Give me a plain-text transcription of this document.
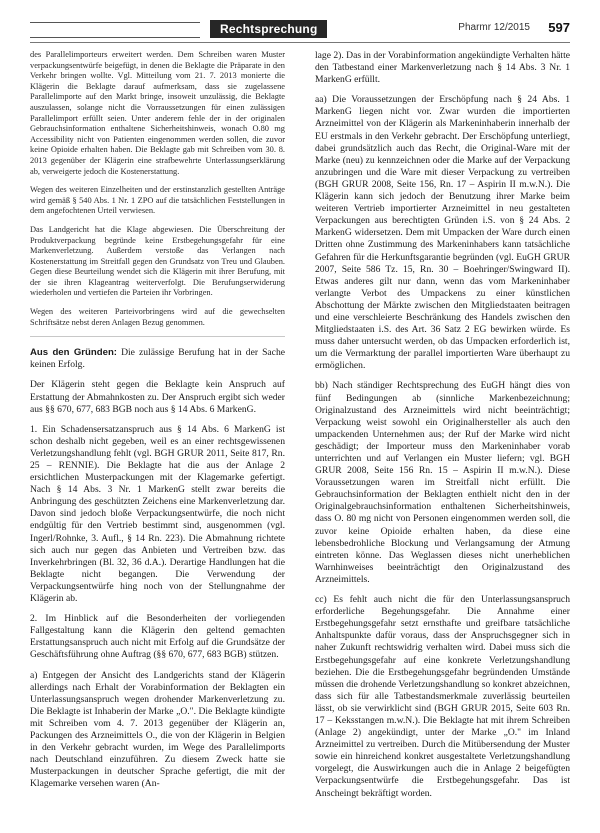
Rechtsprechung	Pharmr 12/2015 597

des Parallelimporteurs erweitert werden. Dem Schreiben waren Muster verpackungsentwürfe beigefügt, in denen die Beklagte die Präparate in den Verkehr bringen wollte. Vgl. Mitteilung vom 21. 7. 2013 monierte die Klägerin die Beklagte darauf aufmerksam, dass sie zugelassene Parallelimporte auf den Markt bringe, insoweit unzulässig, die Beklagte auszulassen, solange nicht die Vorraussetzungen für einen zulässigen Parallelimport erfüllt seien. Unter anderem fehle der in der originalen Gebrauchsinformation enthaltene Sicherheitshinweis, wonach O.80 mg Accessibility nicht von Patienten eingenommen werden sollen, die zuvor keine Opioide erhalten haben. Die Beklagte gab mit Schreiben vom 30. 8. 2013 gegenüber der Klägerin eine strafbewehrte Unterlassungserklärung ab, verweigerte jedoch die Kostenerstattung.

Wegen des weiteren Einzelheiten und der erstinstanzlich gestellten Anträge wird gemäß § 540 Abs. 1 Nr. 1 ZPO auf die tatsächlichen Feststellungen in dem angefochtenen Urteil verwiesen.

Das Landgericht hat die Klage abgewiesen. Die Überschreitung der Produktverpackung begründe keine Erstbegehungsgefahr für eine Markenverletzung. Außerdem verstoße das Verlangen nach Kostenerstattung im Streitfall gegen den Grundsatz von Treu und Glauben. Gegen diese Beurteilung wendet sich die Klägerin mit ihrer Berufung, mit der sie ihren Klageantrag weiterverfolgt. Die Berufungserwiderung wiederholen und vertiefen die Parteien ihr Vorbringen.

Wegen des weiteren Parteivorbringens wird auf die gewechselten Schriftsätze nebst deren Anlagen Bezug genommen.

Aus den Gründen: Die zulässige Berufung hat in der Sache keinen Erfolg.

Der Klägerin steht gegen die Beklagte kein Anspruch auf Erstattung der Abmahnkosten zu. Der Anspruch ergibt sich weder aus §§ 670, 677, 683 BGB noch aus § 14 Abs. 6 MarkenG.

1. Ein Schadensersatzanspruch aus § 14 Abs. 6 MarkenG ist schon deshalb nicht gegeben, weil es an einer rechtsgewissenen Verletzungshandlung fehlt (vgl. BGH GRUR 2011, Seite 817, Rn. 25 – RENNIE). Die Beklagte hat die aus der Anlage 2 ersichtlichen Musterpackungen mit der Klagemarke gefertigt. Nach § 14 Abs. 3 Nr. 1 MarkenG stellt zwar bereits die Anbringung des geschützten Zeichens eine Markenverletzung dar. Davon sind jedoch bloße Verpackungsentwürfe, die noch nicht endgültig für den Vertrieb bestimmt sind, ausgenommen (vgl. Ingerl/Rohnke, 3. Aufl., § 14 Rn. 223). Die Abmahnung richtete sich auch nur gegen das Anbieten und Vertreiben bzw. das Inverkehrbringen (Bl. 32, 36 d.A.). Derartige Handlungen hat die Beklagte nicht begangen. Die Verwendung der Verpackungsentwürfe hing noch von der Stellungnahme der Klägerin ab.

2. Im Hinblick auf die Besonderheiten der vorliegenden Fallgestaltung kann die Klägerin den geltend gemachten Erstattungsanspruch auch nicht mit Erfolg auf die Grundsätze der Geschäftsführung ohne Auftrag (§§ 670, 677, 683 BGB) stützen.

a) Entgegen der Ansicht des Landgerichts stand der Klägerin allerdings nach Erhalt der Vorabinformation der Beklagten ein Unterlassungsanspruch wegen drohender Markenverletzung zu. Die Beklagte ist Inhaberin der Marke „O.". Die Beklagte kündigte mit Schreiben vom 4. 7. 2013 gegenüber der Klägerin an, Packungen des Arzneimittels O., die von der Klägerin in Belgien in den Verkehr gebracht wurden, im Wege des Parallelimports nach Deutschland einzuführen. Zu diesem Zweck hatte sie Musterpackungen in deutscher Sprache gefertigt, die mit der Klagemarke versehen waren (An-

lage 2). Das in der Vorabinformation angekündigte Verhalten hätte den Tatbestand einer Markenverletzung nach § 14 Abs. 3 Nr. 1 MarkenG erfüllt.

aa) Die Voraussetzungen der Erschöpfung nach § 24 Abs. 1 MarkenG liegen nicht vor. Zwar wurden die importierten Arzneimittel von der Klägerin als Markeninhaberin innerhalb der EU erstmals in den Verkehr gebracht. Der Erschöpfung unterliegt, dabei grundsätzlich auch das Recht, die Original-Ware mit der Marke (neu) zu kennzeichnen oder die Marke auf der Verpackung anzubringen und die Ware mit dieser Verpackung zu vertreiben (BGH GRUR 2008, Seite 156, Rn. 17 – Aspirin II m.w.N.). Die Klägerin kann sich jedoch der Benutzung ihrer Marke beim weiteren Vertrieb importierter Arzneimittel in neu gestalteten Verpackungen aus berechtigten Gründen i.S. von § 24 Abs. 2 MarkenG widersetzen. Dem mit Umpacken der Ware durch einen Dritten ohne Zustimmung des Markeninhabers kann tatsächliche Gefahren für die Herkunftsgarantie begründen (vgl. EuGH GRUR 2007, Seite 586 Tz. 15, Rn. 30 – Boehringer/Swingward II). Etwas anderes gilt nur dann, wenn das vom Markeninhaber verlangte Verbot des Umpackens zu einer künstlichen Abschottung der Märkte zwischen den Mitgliedstaaten beitragen und eine verschleierte Beschränkung des Handels zwischen den Mitgliedstaaten i.S. des Art. 36 Satz 2 EG bewirken würde. Es muss daher untersucht werden, ob das Umpacken erforderlich ist, um die Vermarktung der parallel importierten Ware überhaupt zu ermöglichen.

bb) Nach ständiger Rechtsprechung des EuGH hängt dies von fünf Bedingungen ab (sinnliche Markenbezeichnung; Originalzustand des Arzneimittels wird nicht beeinträchtigt; Verpackung weist sowohl ein Originalhersteller als auch den umpackenden Unternehmen aus; der Ruf der Marke wird nicht geschädigt; der Importeur muss den Markeninhaber vorab unterrichten und auf Verlangen ein Muster liefern; vgl. BGH GRUR 2008, Seite 156 Rn. 15 – Aspirin II m.w.N.). Diese Voraussetzungen waren im Streitfall nicht erfüllt. Die Gebrauchsinformation der Beklagten enthielt nicht den in der Originalgebrauchsinformation enthaltenen Sicherheitshinweis, dass O. 80 mg nicht von Personen eingenommen werden soll, die zuvor keine Opioide erhalten haben, da diese eine lebensbedrohliche Blockung und Verlangsamung der Atmung eintreten könne. Das Weglassen dieses nicht unerheblichen Warnhinweises beeinträchtigt den Originalzustand des Arzneimittels.

cc) Es fehlt auch nicht die für den Unterlassungsanspruch erforderliche Begehungsgefahr. Die Annahme einer Erstbegehungsgefahr setzt ernsthafte und greifbare tatsächliche Anhaltspunkte dafür voraus, dass der Anspruchsgegner sich in naher Zukunft rechtswidrig verhalten wird. Dabei muss sich die Erstbegehungsgefahr auf eine konkrete Verletzungshandlung beziehen. Die die Erstbegehungsgefahr begründenden Umstände müssen die drohende Verletzungshandlung so konkret abzeichnen, dass sich für alle Tatbestandsmerkmale zuverlässig beurteilen lässt, ob sie verwirklicht sind (BGH GRUR 2015, Seite 603 Rn. 17 – Keksstangen m.w.N.). Die Beklagte hat mit ihrem Schreiben (Anlage 2) angekündigt, unter der Marke „O." im Inland Arzneimittel zu vertreiben. Durch die Mitübersendung der Muster sowie ein hinreichend konkret ausgestaltete Verletzungshandlung vorgelegt, die Auswirkungen auch die in Anlage 2 beigefügten Verpackungsentwürfe die Erstbegehungsgefahr. Das ist Anscheingt bekräftigt worden.
